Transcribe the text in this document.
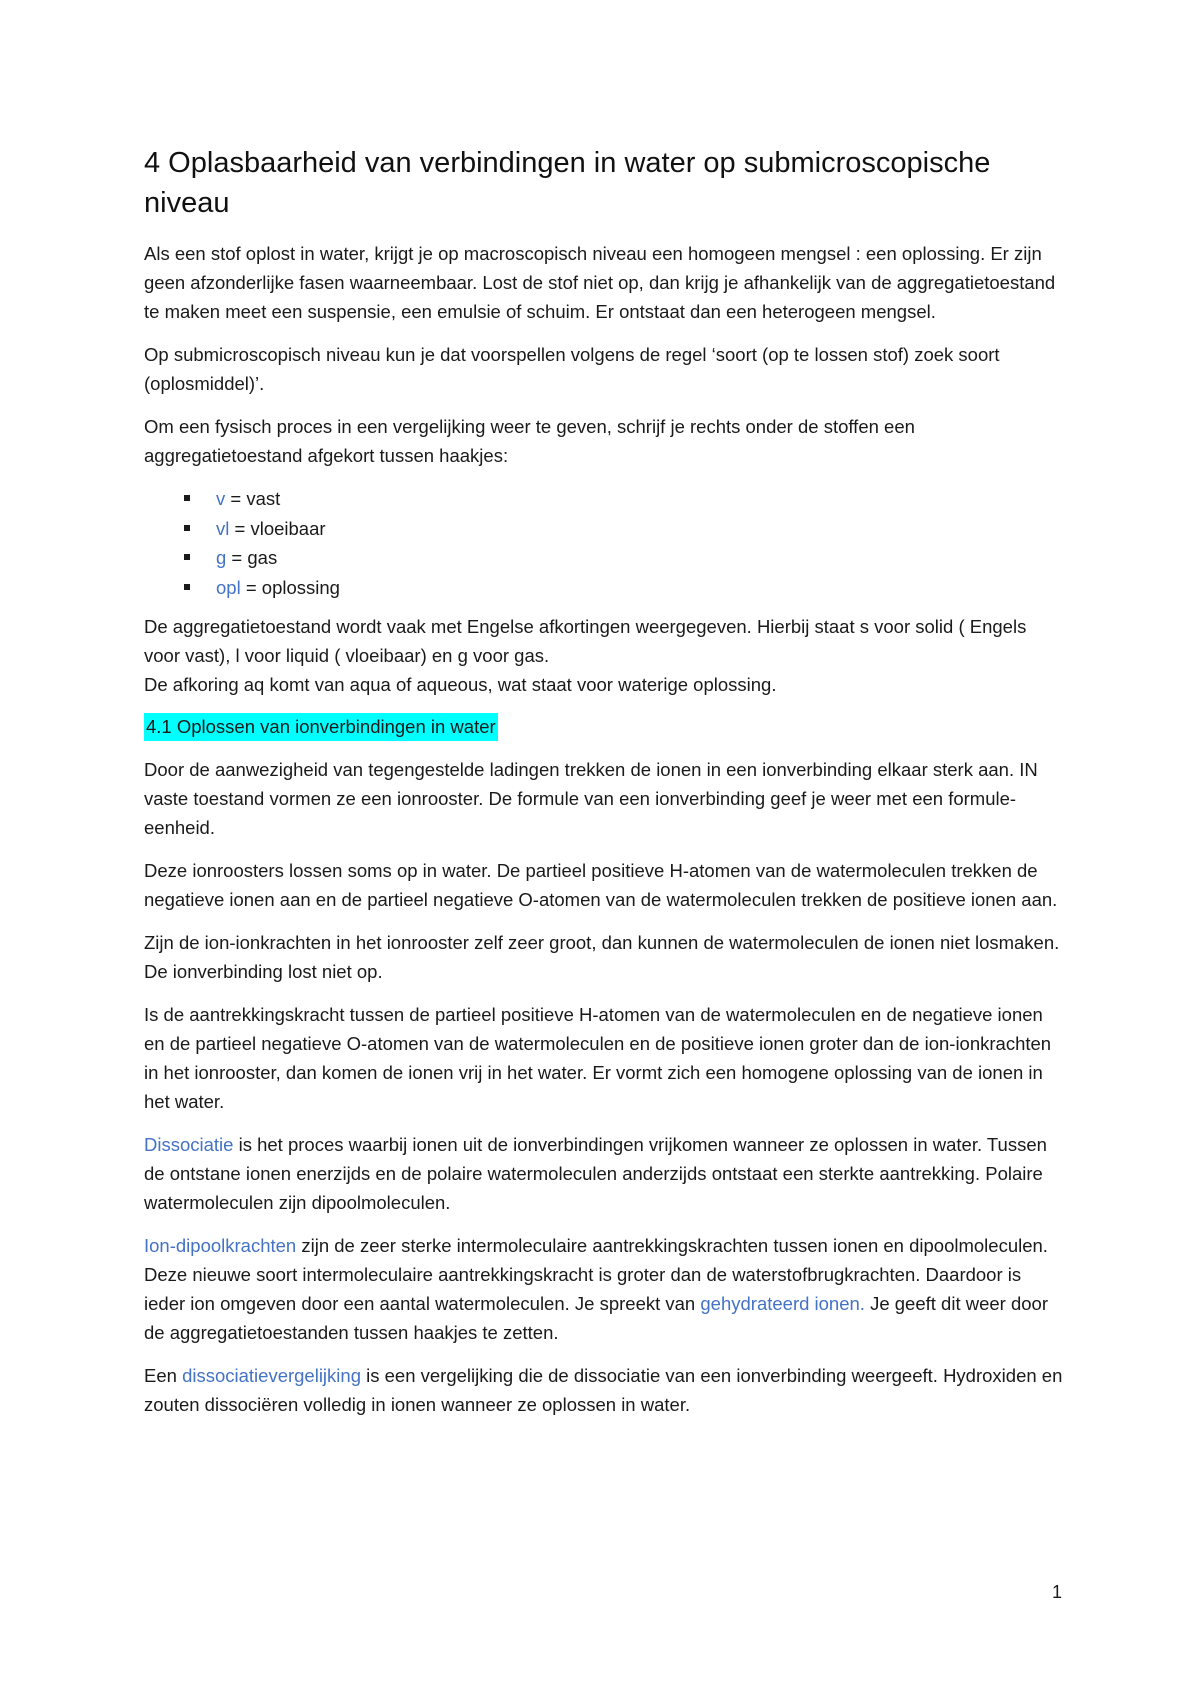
4 Oplasbaarheid van verbindingen in water op submicroscopische niveau

Als een stof oplost in water, krijgt je op macroscopisch niveau een homogeen mengsel : een oplossing. Er zijn geen afzonderlijke fasen waarneembaar. Lost de stof niet op, dan krijg je afhankelijk van de aggregatietoestand te maken meet een suspensie, een emulsie of schuim. Er ontstaat dan een heterogeen mengsel.

Op submicroscopisch niveau kun je dat voorspellen volgens de regel ‘soort (op te lossen stof) zoek soort (oplosmiddel)’.

Om een fysisch proces in een vergelijking weer te geven, schrijf je rechts onder de stoffen een aggregatietoestand afgekort tussen haakjes:

v = vast
vl = vloeibaar
g = gas
opl = oplossing

De aggregatietoestand wordt vaak met Engelse afkortingen weergegeven. Hierbij staat s voor solid ( Engels voor vast), l voor liquid ( vloeibaar) en g voor gas.
De afkoring aq komt van aqua of aqueous, wat staat voor waterige oplossing.

4.1 Oplossen van ionverbindingen in water

Door de aanwezigheid van tegengestelde ladingen trekken de ionen in een ionverbinding elkaar sterk aan. IN vaste toestand vormen ze een ionrooster. De formule van een ionverbinding geef je weer met een formule-eenheid.

Deze ionroosters lossen soms op in water. De partieel positieve H-atomen van de watermoleculen trekken de negatieve ionen aan en de partieel negatieve O-atomen van de watermoleculen trekken de positieve ionen aan.

Zijn de ion-ionkrachten in het ionrooster zelf zeer groot, dan kunnen de watermoleculen de ionen niet losmaken. De ionverbinding lost niet op.

Is de aantrekkingskracht tussen de partieel positieve H-atomen van de watermoleculen en de negatieve ionen en de partieel negatieve O-atomen van de watermoleculen en de positieve ionen groter dan de ion-ionkrachten in het ionrooster, dan komen de ionen vrij in het water. Er vormt zich een homogene oplossing van de ionen in het water.

Dissociatie is het proces waarbij ionen uit de ionverbindingen vrijkomen wanneer ze oplossen in water. Tussen de ontstane ionen enerzijds en de polaire watermoleculen anderzijds ontstaat een sterkte aantrekking. Polaire watermoleculen zijn dipoolmoleculen.

Ion-dipoolkrachten zijn de zeer sterke intermoleculaire aantrekkingskrachten tussen ionen en dipoolmoleculen. Deze nieuwe soort intermoleculaire aantrekkingskracht is groter dan de waterstofbrugkrachten. Daardoor is ieder ion omgeven door een aantal watermoleculen. Je spreekt van gehydrateerd ionen. Je geeft dit weer door de aggregatietoestanden tussen haakjes te zetten.

Een dissociatievergelijking is een vergelijking die de dissociatie van een ionverbinding weergeeft. Hydroxiden en zouten dissociëren volledig in ionen wanneer ze oplossen in water.

1
